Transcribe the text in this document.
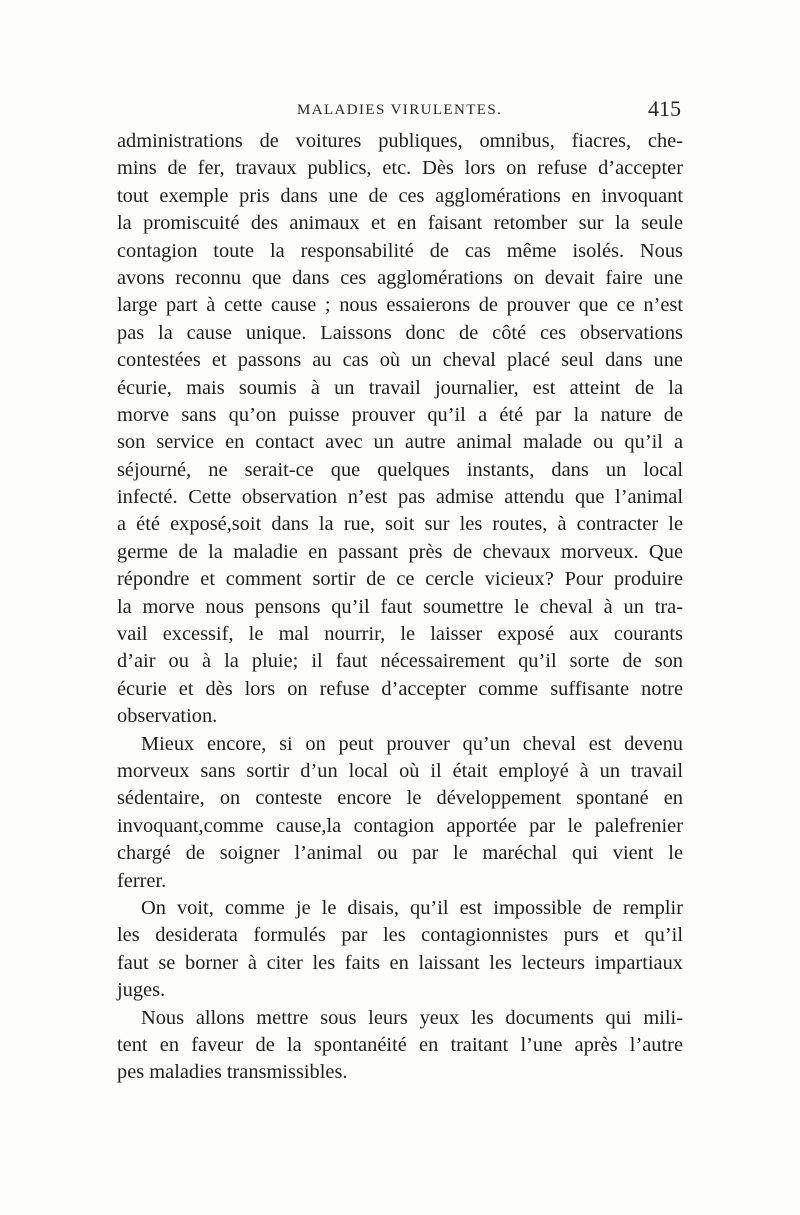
MALADIES VIRULENTES.	415
administrations de voitures publiques, omnibus, fiacres, che-
mins de fer, travaux publics, etc. Dès lors on refuse d’accepter
tout exemple pris dans une de ces agglomérations en invoquant
la promiscuité des animaux et en faisant retomber sur la seule
contagion toute la responsabilité de cas même isolés. Nous
avons reconnu que dans ces agglomérations on devait faire une
large part à cette cause ; nous essaierons de prouver que ce n’est
pas la cause unique. Laissons donc de côté ces observations
contestées et passons au cas où un cheval placé seul dans une
écurie, mais soumis à un travail journalier, est atteint de la
morve sans qu’on puisse prouver qu’il a été par la nature de
son service en contact avec un autre animal malade ou qu’il a
séjourné, ne serait-ce que quelques instants, dans un local
infecté. Cette observation n’est pas admise attendu que l’animal
a été exposé,soit dans la rue, soit sur les routes, à contracter le
germe de la maladie en passant près de chevaux morveux. Que
répondre et comment sortir de ce cercle vicieux? Pour produire
la morve nous pensons qu’il faut soumettre le cheval à un tra-
vail excessif, le mal nourrir, le laisser exposé aux courants
d’air ou à la pluie; il faut nécessairement qu’il sorte de son
écurie et dès lors on refuse d’accepter comme suffisante notre
observation.
Mieux encore, si on peut prouver qu’un cheval est devenu
morveux sans sortir d’un local où il était employé à un travail
sédentaire, on conteste encore le développement spontané en
invoquant,comme cause,la contagion apportée par le palefrenier
chargé de soigner l’animal ou par le maréchal qui vient le
ferrer.
On voit, comme je le disais, qu’il est impossible de remplir
les desiderata formulés par les contagionnistes purs et qu’il
faut se borner à citer les faits en laissant les lecteurs impartiaux
juges.
Nous allons mettre sous leurs yeux les documents qui mili-
tent en faveur de la spontanéité en traitant l’une après l’autre
pes maladies transmissibles.
